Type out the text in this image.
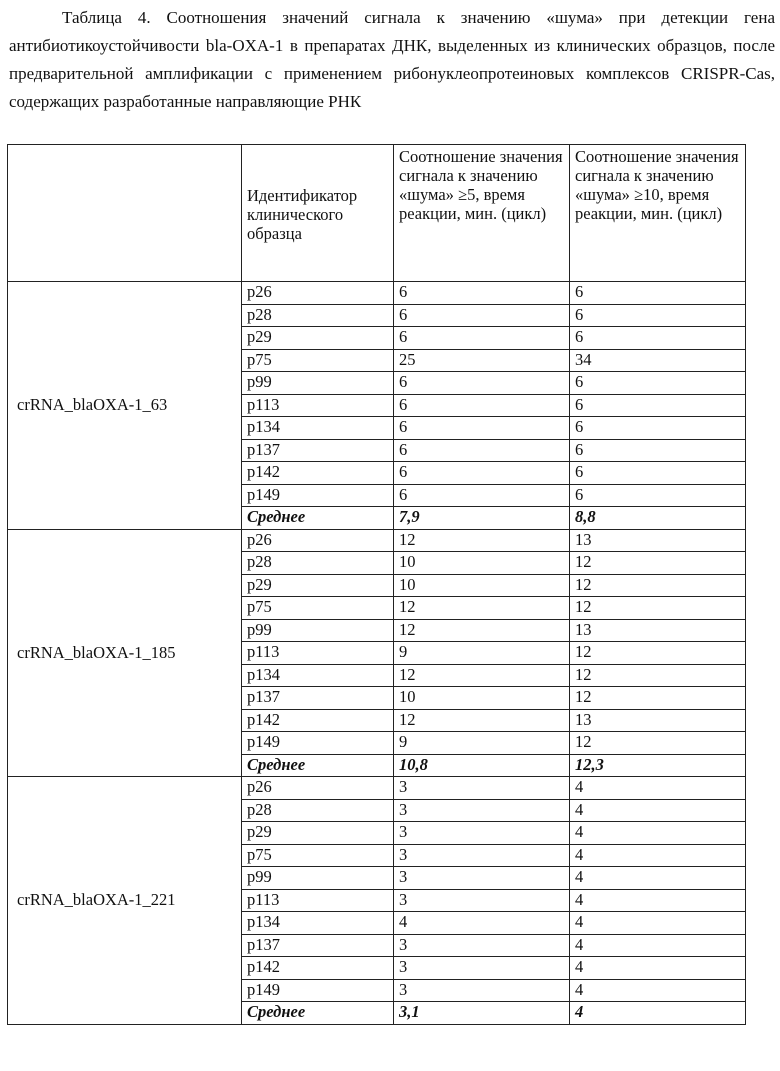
Таблица 4. Соотношения значений сигнала к значению «шума» при детекции гена антибиотикоустойчивости bla-OXA-1 в препаратах ДНК, выделенных из клинических образцов, после предварительной амплификации с применением рибонуклеопротеиновых комплексов CRISPR-Cas, содержащих разработанные направляющие РНК
	Идентификатор клинического образца	Соотношение значения сигнала к значению «шума» ≥5, время реакции, мин. (цикл)	Соотношение значения сигнала к значению «шума» ≥10, время реакции, мин. (цикл)
crRNA_blaOXA-1_63	p26	6	6
p28	6	6
p29	6	6
p75	25	34
p99	6	6
p113	6	6
p134	6	6
p137	6	6
p142	6	6
p149	6	6
Среднее	7,9	8,8
crRNA_blaOXA-1_185	p26	12	13
p28	10	12
p29	10	12
p75	12	12
p99	12	13
p113	9	12
p134	12	12
p137	10	12
p142	12	13
p149	9	12
Среднее	10,8	12,3
crRNA_blaOXA-1_221	p26	3	4
p28	3	4
p29	3	4
p75	3	4
p99	3	4
p113	3	4
p134	4	4
p137	3	4
p142	3	4
p149	3	4
Среднее	3,1	4
